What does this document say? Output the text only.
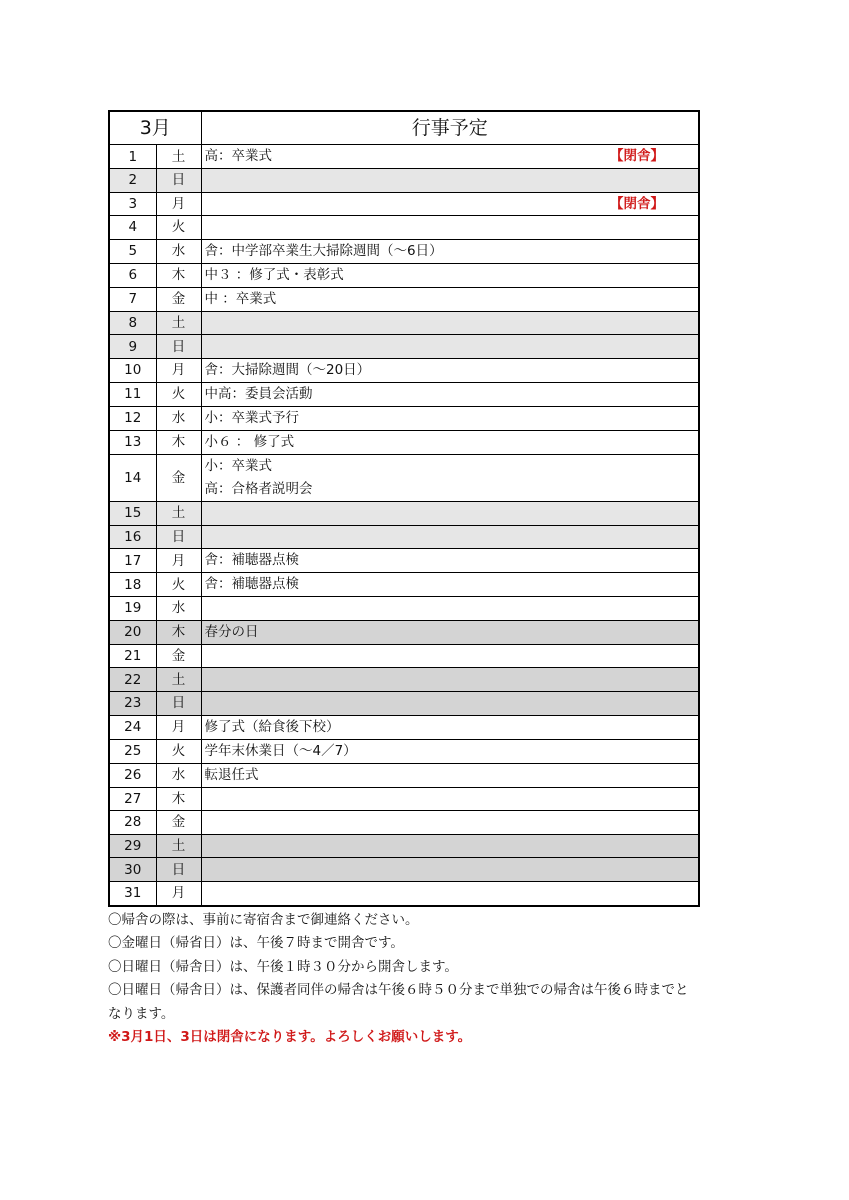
3月		行事予定
1	土	高：卒業式 【閉舎】

2	日	
3	月	【閉舎】

4	火	
5	水	舎：中学部卒業生大掃除週間（～6日）

6	木	中３ ：修了式・表彰式

7	金	中 ：卒業式

8	土	
9	日	
10	月	舎：大掃除週間（～20日）

11	火	中高：委員会活動

12	水	小：卒業式予行

13	木	小６ ： 修了式

14	金	小：卒業式
高：合格者説明会

15	土	
16	日	
17	月	舎：補聴器点検

18	火	舎：補聴器点検

19	水	
20	木	春分の日

21	金	
22	土	
23	日	
24	月	修了式（給食後下校）

25	火	学年末休業日（～4／7）

26	水	転退任式

27	木	
28	金	
29	土	
30	日	
31	月	

〇帰舎の際は、事前に寄宿舎まで御連絡ください。

〇金曜日（帰省日）は、午後７時まで開舎です。

〇日曜日（帰舎日）は、午後１時３０分から開舎します。

〇日曜日（帰舎日）は、保護者同伴の帰舎は午後６時５０分まで単独での帰舎は午後６時までとなります。

※3月1日、3日は閉舎になります。よろしくお願いします。
